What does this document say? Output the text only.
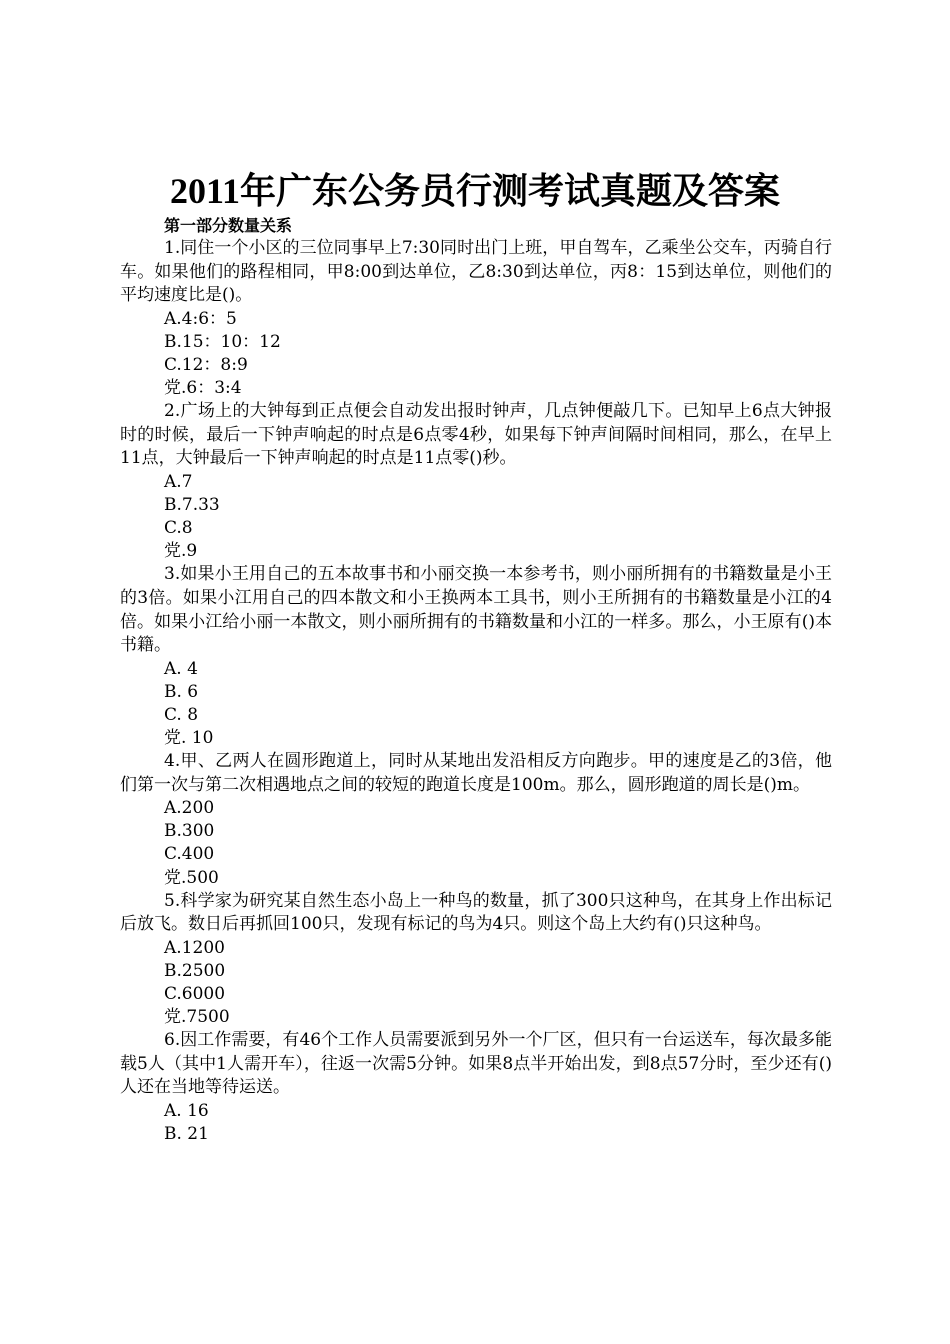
2011年广东公务员行测考试真题及答案
第一部分数量关系

1.同住一个小区的三位同事早上7:30同时出门上班，甲自驾车，乙乘坐公交车，丙骑自行车。如果他们的路程相同，甲8:00到达单位，乙8:30到达单位，丙8：15到达单位，则他们的平均速度比是()。

A.4:6：5
B.15：10：12
C.12：8:9
党.6：3:4

2.广场上的大钟每到正点便会自动发出报时钟声，几点钟便敲几下。已知早上6点大钟报时的时候，最后一下钟声响起的时点是6点零4秒，如果每下钟声间隔时间相同，那么，在早上11点，大钟最后一下钟声响起的时点是11点零()秒。

A.7
B.7.33
C.8
党.9

3.如果小王用自己的五本故事书和小丽交换一本参考书，则小丽所拥有的书籍数量是小王的3倍。如果小江用自己的四本散文和小王换两本工具书，则小王所拥有的书籍数量是小江的4倍。如果小江给小丽一本散文，则小丽所拥有的书籍数量和小江的一样多。那么，小王原有()本书籍。

A. 4
B. 6
C. 8
党. 10

4.甲、乙两人在圆形跑道上，同时从某地出发沿相反方向跑步。甲的速度是乙的3倍，他们第一次与第二次相遇地点之间的较短的跑道长度是100m。那么，圆形跑道的周长是()m。

A.200
B.300
C.400
党.500

5.科学家为研究某自然生态小岛上一种鸟的数量，抓了300只这种鸟，在其身上作出标记后放飞。数日后再抓回100只，发现有标记的鸟为4只。则这个岛上大约有()只这种鸟。

A.1200
B.2500
C.6000
党.7500

6.因工作需要，有46个工作人员需要派到另外一个厂区，但只有一台运送车，每次最多能载5人（其中1人需开车），往返一次需5分钟。如果8点半开始出发，到8点57分时，至少还有()人还在当地等待运送。

A. 16
B. 21
